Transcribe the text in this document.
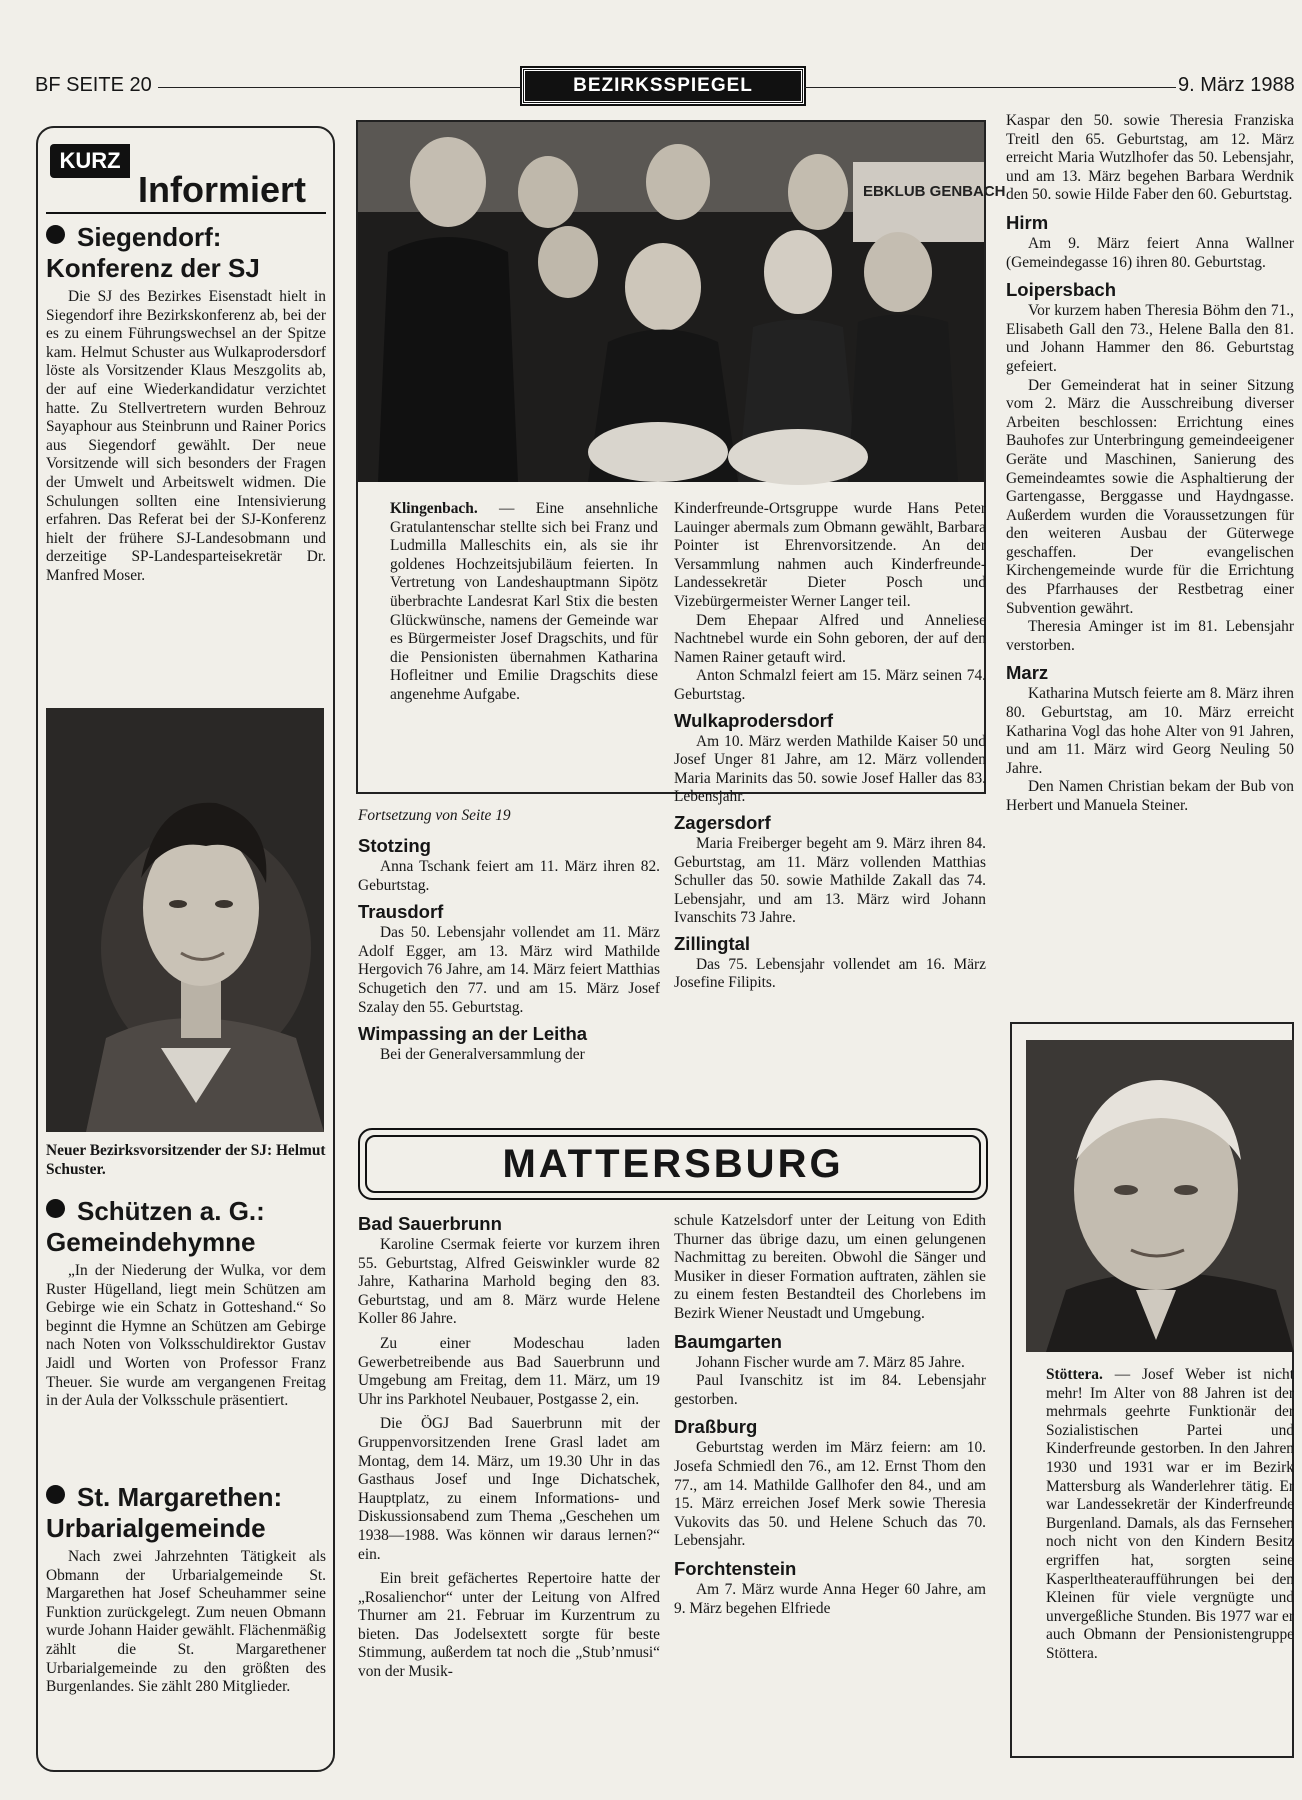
BF SEITE 20	BEZIRKSSPIEGEL	9. März 1988
KURZ
Informiert
Siegendorf:
Konferenz der SJ

Die SJ des Bezirkes Eisenstadt hielt in Siegendorf ihre Bezirkskonferenz ab, bei der es zu einem Führungswechsel an der Spitze kam. Helmut Schuster aus Wulkaprodersdorf löste als Vorsitzender Klaus Meszgolits ab, der auf eine Wiederkandidatur verzichtet hatte. Zu Stellvertretern wurden Behrouz Sayaphour aus Steinbrunn und Rainer Porics aus Siegendorf gewählt. Der neue Vorsitzende will sich besonders der Fragen der Umwelt und Arbeitswelt widmen. Die Schulungen sollten eine Intensivierung erfahren. Das Referat bei der SJ-Konferenz hielt der frühere SJ-Landesobmann und derzeitige SP-Landesparteisekretär Dr. Manfred Moser.

Neuer Bezirksvorsitzender der SJ: Helmut Schuster.
Schützen a. G.:
Gemeindehymne

„In der Niederung der Wulka, vor dem Ruster Hügelland, liegt mein Schützen am Gebirge wie ein Schatz in Gotteshand.“ So beginnt die Hymne an Schützen am Gebirge nach Noten von Volksschuldirektor Gustav Jaidl und Worten von Professor Franz Theuer. Sie wurde am vergangenen Freitag in der Aula der Volksschule präsentiert.

St. Margarethen:
Urbarialgemeinde

Nach zwei Jahrzehnten Tätigkeit als Obmann der Urbarialgemeinde St. Margarethen hat Josef Scheuhammer seine Funktion zurückgelegt. Zum neuen Obmann wurde Johann Haider gewählt. Flächenmäßig zählt die St. Margarethener Urbarialgemeinde zu den größten des Burgenlandes. Sie zählt 280 Mitglieder.

EBKLUB GENBACH
Klingenbach. — Eine ansehnliche Gratulantenschar stellte sich bei Franz und Ludmilla Malleschits ein, als sie ihr goldenes Hochzeitsjubiläum feierten. In Vertretung von Landeshauptmann Sipötz überbrachte Landesrat Karl Stix die besten Glückwünsche, namens der Gemeinde war es Bürgermeister Josef Dragschits, und für die Pensionisten übernahmen Katharina Hofleitner und Emilie Dragschits diese angenehme Aufgabe.
Fortsetzung von Seite 19
Stotzing

Anna Tschank feiert am 11. März ihren 82. Geburtstag.

Trausdorf

Das 50. Lebensjahr vollendet am 11. März Adolf Egger, am 13. März wird Mathilde Hergovich 76 Jahre, am 14. März feiert Matthias Schugetich den 77. und am 15. März Josef Szalay den 55. Geburtstag.

Wimpassing an der Leitha

Bei der Generalversammlung der

Kinderfreunde-Ortsgruppe wurde Hans Peter Lauinger abermals zum Obmann gewählt, Barbara Pointer ist Ehrenvorsitzende. An der Versammlung nahmen auch Kinderfreunde-Landessekretär Dieter Posch und Vizebürgermeister Werner Langer teil.

Dem Ehepaar Alfred und Anneliese Nachtnebel wurde ein Sohn geboren, der auf den Namen Rainer getauft wird.

Anton Schmalzl feiert am 15. März seinen 74. Geburtstag.

Wulkaprodersdorf

Am 10. März werden Mathilde Kaiser 50 und Josef Unger 81 Jahre, am 12. März vollenden Maria Marinits das 50. sowie Josef Haller das 83. Lebensjahr.

Zagersdorf

Maria Freiberger begeht am 9. März ihren 84. Geburtstag, am 11. März vollenden Matthias Schuller das 50. sowie Mathilde Zakall das 74. Lebensjahr, und am 13. März wird Johann Ivanschits 73 Jahre.

Zillingtal

Das 75. Lebensjahr vollendet am 16. März Josefine Filipits.

Kaspar den 50. sowie Theresia Franziska Treitl den 65. Geburtstag, am 12. März erreicht Maria Wutzlhofer das 50. Lebensjahr, und am 13. März begehen Barbara Werdnik den 50. sowie Hilde Faber den 60. Geburtstag.

Hirm

Am 9. März feiert Anna Wallner (Gemeindegasse 16) ihren 80. Geburtstag.

Loipersbach

Vor kurzem haben Theresia Böhm den 71., Elisabeth Gall den 73., Helene Balla den 81. und Johann Hammer den 86. Geburtstag gefeiert.

Der Gemeinderat hat in seiner Sitzung vom 2. März die Ausschreibung diverser Arbeiten beschlossen: Errichtung eines Bauhofes zur Unterbringung gemeindeeigener Geräte und Maschinen, Sanierung des Gemeindeamtes sowie die Asphaltierung der Gartengasse, Berggasse und Haydngasse. Außerdem wurden die Voraussetzungen für den weiteren Ausbau der Güterwege geschaffen. Der evangelischen Kirchengemeinde wurde für die Errichtung des Pfarrhauses der Restbetrag einer Subvention gewährt.

Theresia Aminger ist im 81. Lebensjahr verstorben.

Marz

Katharina Mutsch feierte am 8. März ihren 80. Geburtstag, am 10. März erreicht Katharina Vogl das hohe Alter von 91 Jahren, und am 11. März wird Georg Neuling 50 Jahre.

Den Namen Christian bekam der Bub von Herbert und Manuela Steiner.

MATTERSBURG
Bad Sauerbrunn

Karoline Csermak feierte vor kurzem ihren 55. Geburtstag, Alfred Geiswinkler wurde 82 Jahre, Katharina Marhold beging den 83. Geburtstag, und am 8. März wurde Helene Koller 86 Jahre.

Zu einer Modeschau laden Gewerbetreibende aus Bad Sauerbrunn und Umgebung am Freitag, dem 11. März, um 19 Uhr ins Parkhotel Neubauer, Postgasse 2, ein.

Die ÖGJ Bad Sauerbrunn mit der Gruppenvorsitzenden Irene Grasl ladet am Montag, dem 14. März, um 19.30 Uhr in das Gasthaus Josef und Inge Dichatschek, Hauptplatz, zu einem Informations- und Diskussionsabend zum Thema „Geschehen um 1938—1988. Was können wir daraus lernen?“ ein.

Ein breit gefächertes Repertoire hatte der „Rosalienchor“ unter der Leitung von Alfred Thurner am 21. Februar im Kurzentrum zu bieten. Das Jodelsextett sorgte für beste Stimmung, außerdem tat noch die „Stub’nmusi“ von der Musik-

schule Katzelsdorf unter der Leitung von Edith Thurner das übrige dazu, um einen gelungenen Nachmittag zu bereiten. Obwohl die Sänger und Musiker in dieser Formation auftraten, zählen sie zu einem festen Bestandteil des Chorlebens im Bezirk Wiener Neustadt und Umgebung.

Baumgarten

Johann Fischer wurde am 7. März 85 Jahre.

Paul Ivanschitz ist im 84. Lebensjahr gestorben.

Draßburg

Geburtstag werden im März feiern: am 10. Josefa Schmiedl den 76., am 12. Ernst Thom den 77., am 14. Mathilde Gallhofer den 84., und am 15. März erreichen Josef Merk sowie Theresia Vukovits das 50. und Helene Schuch das 70. Lebensjahr.

Forchtenstein

Am 7. März wurde Anna Heger 60 Jahre, am 9. März begehen Elfriede

Stöttera. — Josef Weber ist nicht mehr! Im Alter von 88 Jahren ist der mehrmals geehrte Funktionär der Sozialistischen Partei und Kinderfreunde gestorben. In den Jahren 1930 und 1931 war er im Bezirk Mattersburg als Wanderlehrer tätig. Er war Landessekretär der Kinderfreunde Burgenland. Damals, als das Fernsehen noch nicht von den Kindern Besitz ergriffen hat, sorgten seine Kasperltheateraufführungen bei den Kleinen für viele vergnügte und unvergeßliche Stunden. Bis 1977 war er auch Obmann der Pensionistengruppe Stöttera.
